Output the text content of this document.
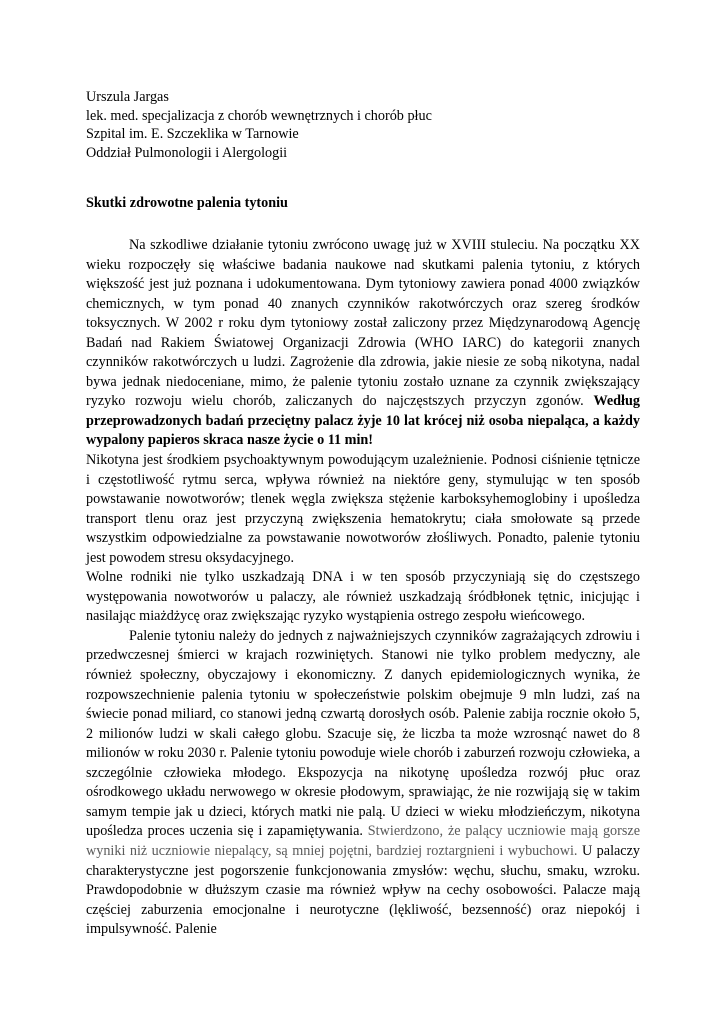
Urszula Jargas
lek. med. specjalizacja z chorób wewnętrznych i chorób płuc
Szpital im. E. Szczeklika w Tarnowie
Oddział Pulmonologii i Alergologii
Skutki zdrowotne palenia tytoniu

Na szkodliwe działanie tytoniu zwrócono uwagę już w XVIII stuleciu. Na początku XX wieku rozpoczęły się właściwe badania naukowe nad skutkami palenia tytoniu, z których większość jest już poznana i udokumentowana. Dym tytoniowy zawiera ponad 4000 związków chemicznych, w tym ponad 40 znanych czynników rakotwórczych oraz szereg środków toksycznych. W 2002 r roku dym tytoniowy został zaliczony przez Międzynarodową Agencję Badań nad Rakiem Światowej Organizacji Zdrowia (WHO IARC) do kategorii znanych czynników rakotwórczych u ludzi. Zagrożenie dla zdrowia, jakie niesie ze sobą nikotyna, nadal bywa jednak niedoceniane, mimo, że palenie tytoniu zostało uznane za czynnik zwiększający ryzyko rozwoju wielu chorób, zaliczanych do najczęstszych przyczyn zgonów. Według przeprowadzonych badań przeciętny palacz żyje 10 lat krócej niż osoba niepaląca, a każdy wypalony papieros skraca nasze życie o 11 min!

Nikotyna jest środkiem psychoaktywnym powodującym uzależnienie. Podnosi ciśnienie tętnicze i częstotliwość rytmu serca, wpływa również na niektóre geny, stymulując w ten sposób powstawanie nowotworów; tlenek węgla zwiększa stężenie karboksyhemoglobiny i upośledza transport tlenu oraz jest przyczyną zwiększenia hematokrytu; ciała smołowate są przede wszystkim odpowiedzialne za powstawanie nowotworów złośliwych. Ponadto, palenie tytoniu jest powodem stresu oksydacyjnego.

Wolne rodniki nie tylko uszkadzają DNA i w ten sposób przyczyniają się do częstszego występowania nowotworów u palaczy, ale również uszkadzają śródbłonek tętnic, inicjując i nasilając miażdżycę oraz zwiększając ryzyko wystąpienia ostrego zespołu wieńcowego.

Palenie tytoniu należy do jednych z najważniejszych czynników zagrażających zdrowiu i przedwczesnej śmierci w krajach rozwiniętych. Stanowi nie tylko problem medyczny, ale również społeczny, obyczajowy i ekonomiczny. Z danych epidemiologicznych wynika, że rozpowszechnienie palenia tytoniu w społeczeństwie polskim obejmuje 9 mln ludzi, zaś na świecie ponad miliard, co stanowi jedną czwartą dorosłych osób. Palenie zabija rocznie około 5, 2 milionów ludzi w skali całego globu. Szacuje się, że liczba ta może wzrosnąć nawet do 8 milionów w roku 2030 r. Palenie tytoniu powoduje wiele chorób i zaburzeń rozwoju człowieka, a szczególnie człowieka młodego. Ekspozycja na nikotynę upośledza rozwój płuc oraz ośrodkowego układu nerwowego w okresie płodowym, sprawiając, że nie rozwijają się w takim samym tempie jak u dzieci, których matki nie palą. U dzieci w wieku młodzieńczym, nikotyna upośledza proces uczenia się i zapamiętywania. Stwierdzono, że palący uczniowie mają gorsze wyniki niż uczniowie niepalący, są mniej pojętni, bardziej roztargnieni i wybuchowi. U palaczy charakterystyczne jest pogorszenie funkcjonowania zmysłów: węchu, słuchu, smaku, wzroku. Prawdopodobnie w dłuższym czasie ma również wpływ na cechy osobowości. Palacze mają częściej zaburzenia emocjonalne i neurotyczne (lękliwość, bezsenność) oraz niepokój i impulsywność. Palenie
